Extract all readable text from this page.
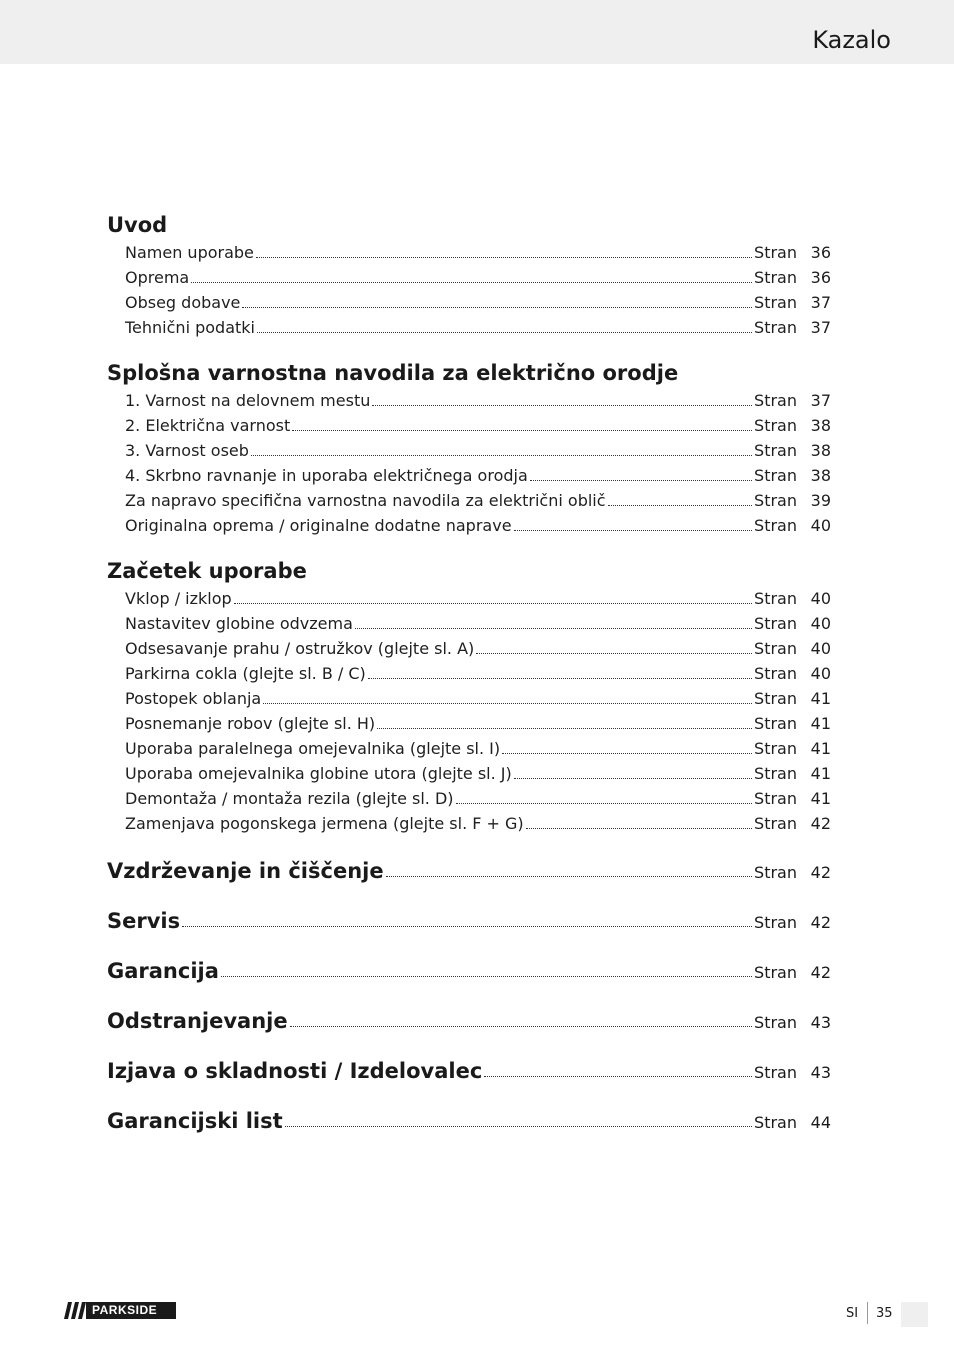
Kazalo
Uvod
Namen uporabe	Stran 36
Oprema	Stran 36
Obseg dobave	Stran 37
Tehnični podatki	Stran 37
Splošna varnostna navodila za električno orodje
1. Varnost na delovnem mestu	Stran 37
2. Električna varnost	Stran 38
3. Varnost oseb	Stran 38
4. Skrbno ravnanje in uporaba električnega orodja	Stran 38
Za napravo specifična varnostna navodila za električni oblič	Stran 39
Originalna oprema / originalne dodatne naprave	Stran 40
Začetek uporabe
Vklop / izklop	Stran 40
Nastavitev globine odvzema	Stran 40
Odsesavanje prahu / ostružkov (glejte sl. A)	Stran 40
Parkirna cokla (glejte sl. B / C)	Stran 40
Postopek oblanja	Stran 41
Posnemanje robov (glejte sl. H)	Stran 41
Uporaba paralelnega omejevalnika (glejte sl. I)	Stran 41
Uporaba omejevalnika globine utora (glejte sl. J)	Stran 41
Demontaža / montaža rezila (glejte sl. D)	Stran 41
Zamenjava pogonskega jermena (glejte sl. F + G)	Stran 42
Vzdrževanje in čiščenje	Stran 42
Servis	Stran 42
Garancija	Stran 42
Odstranjevanje	Stran 43
Izjava o skladnosti / Izdelovalec	Stran 43
Garancijski list	Stran 44
PARKSIDE	SI 35
